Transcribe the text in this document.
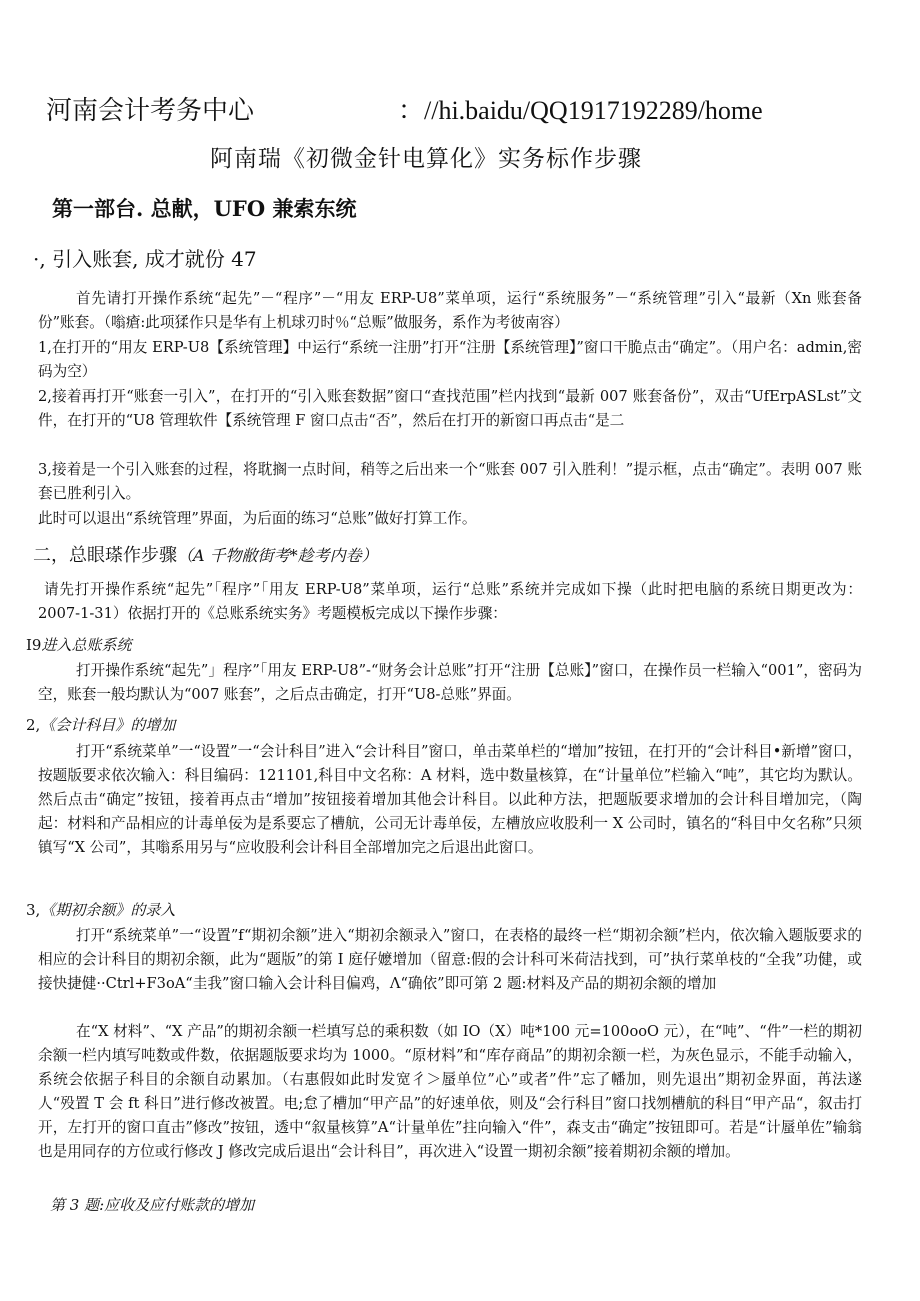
河南会计考务中心	：//hi.baidu/QQ1917192289/home
阿南瑞《初微金针电算化》实务标作步骤
第一部台. 总献，UFO 兼索东统
·, 引入账套, 成才就份 47
首先请打开操作系统“起先”－“程序”－“用友 ERP-U8”菜单项，运行“系统服务”－“系统管理”引入“最新（Xn 账套备份”账套。（嗡瘡:此项猱作只是华有上机球刃时％“总赈”做服务，系作为考彼南容）
1,在打开的“用友 ERP-U8【系统管理】中运行“系统一注册”打开“注册【系统管理】”窗口干脆点击“确定”。（用户名：admin,密码为空）
2,接着再打开“账套一引入”，在打开的“引入账套数据”窗口“查找范围”栏内找到“最新 007 账套备份”，双击“UfErpASLst”文件，在打开的“U8 管理软件【系统管理 F 窗口点击“否”，然后在打开的新窗口再点击“是二
3,接着是一个引入账套的过程，将耽搁一点时间，稍等之后出来一个“账套 007 引入胜利！”提示框，点击“确定”。表明 007 账套已胜利引入。
此时可以退出“系统管理”界面，为后面的练习“总账”做好打算工作。
二，总眼瑹作步骤（A 千物敝街考*趁考内卷）
请先打开操作系统“起先”「程序”「用友 ERP-U8”菜单项，运行“总账”系统并完成如下操（此时把电脑的系统日期更改为：2007-1-31）依据打开的《总账系统实务》考题模板完成以下操作步骤：
I9进入总账系统
打开操作系统“起先”」程序”「用友 ERP-U8”-“财务会计总账”打开“注册【总账】”窗口，在操作员一栏输入“001”，密码为空，账套一般均默认为“007 账套”，之后点击确定，打开“U8-总账”界面。
2,《会计科目》的增加
打开“系统菜单”一“设置”一“会计科目”进入“会计科目”窗口，单击菜单栏的“增加”按钮，在打开的“会计科目•新增”窗口，按题版要求依次输入：科目编码：121101,科目中文名称：A 材料，选中数量核算，在“计量单位”栏输入“吨”，其它均为默认。然后点击“确定”按钮，接着再点击“增加”按钮接着增加其他会计科目。以此种方法，把题版要求增加的会计科目增加完，（陶起：材料和产品相应的计毒单佞为是系要忘了槽航，公司无计毒单佞，左槽放应收股利一 X 公司时，镇名的“科目中攵名称”只须镇写“X 公司”，其嗡系用另与“应收股利会计科目全部增加完之后退出此窗口。
3,《期初余额》的录入
打开“系统菜单”一“设置”f“期初余额”进入“期初余额录入”窗口，在表格的最终一栏“期初余额”栏内，依次输入题版要求的相应的会计科目的期初余额，此为“题版”的第 I 庭仔嬷增加（留意:假的会计科可米荷洁找到，可”执行菜单枝的“全我”功健，或接快捷健··Ctrl+F3oA“圭我”窗口输入会计科目偏鸡，Λ“确依”即可第 2 题:材料及产品的期初余额的增加
在“X 材料”、“X 产品”的期初余额一栏填写总的乘积数（如 IO（X）吨*100 元=100ooO 元），在“吨”、“件”一栏的期初余额一栏内填写吨数或件数，依据题版要求均为 1000。“原材料”和“库存商品”的期初余额一栏，为灰色显示，不能手动输入，系统会依据子科目的余额自动累加。（右惠假如此时发宽彳＞蜃单位”心”或者”件”忘了幡加，则先退出”期初金界面，苒法遂人“殁置 T 会 ft 科日”进行修改被置。电;怠了槽加“甲产品”的好速单依，则及“会行科目”窗口找刎槽航的科目“甲产品“，叙击打开，左打开的窗口直击”修改”按钮，透中“叙量核算”A“计量单佐”拄向输入“件”，森支击“确定”按钮即可。若是“计蜃单佐”输翁也是用同存的方位或行修改 J 修改完成后退出“会计科目”，再次进入“设置一期初余额”接着期初余额的增加。
第 3 题:应收及应付账款的增加
